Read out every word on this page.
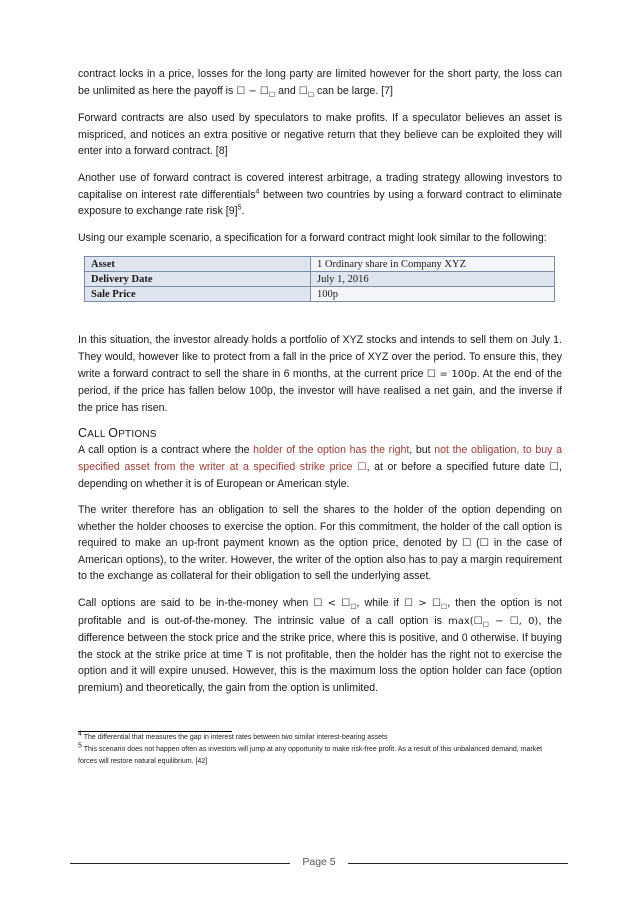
contract locks in a price, losses for the long party are limited however for the short party, the loss can be unlimited as here the payoff is ☐ − $☐_☐$ and $☐_☐$ can be large. [7]

Forward contracts are also used by speculators to make profits. If a speculator believes an asset is mispriced, and notices an extra positive or negative return that they believe can be exploited they will enter into a forward contract. [8]

Another use of forward contract is covered interest arbitrage, a trading strategy allowing investors to capitalise on interest rate differentials$^4$ between two countries by using a forward contract to eliminate exposure to exchange rate risk $[9]^5$.

Using our example scenario, a specification for a forward contract might look similar to the following:

Asset	1 Ordinary share in Company XYZ
Delivery Date	July 1, 2016
Sale Price	100p

In this situation, the investor already holds a portfolio of XYZ stocks and intends to sell them on July 1. They would, however like to protect from a fall in the price of XYZ over the period. To ensure this, they write a forward contract to sell the share in 6 months, at the current price ☐ = 100p. At the end of the period, if the price has fallen below 100p, the investor will have realised a net gain, and the inverse if the price has risen.

CALL OPTIONS

A call option is a contract where the holder of the option has the right, but not the obligation, to buy a specified asset from the writer at a specified strike price ☐, at or before a specified future date ☐, depending on whether it is of European or American style.

The writer therefore has an obligation to sell the shares to the holder of the option depending on whether the holder chooses to exercise the option. For this commitment, the holder of the call option is required to make an up-front payment known as the option price, denoted by ☐ (☐ in the case of American options), to the writer. However, the writer of the option also has to pay a margin requirement to the exchange as collateral for their obligation to sell the underlying asset.

Call options are said to be in-the-money when ☐ < $☐_☐$, while if ☐ > $☐_☐$, then the option is not profitable and is out-of-the-money. The intrinsic value of a call option is $\max(☐_☐$ − ☐, 0), the difference between the stock price and the strike price, where this is positive, and 0 otherwise. If buying the stock at the strike price at time T is not profitable, then the holder has the right not to exercise the option and it will expire unused. However, this is the maximum loss the option holder can face (option premium) and theoretically, the gain from the option is unlimited.

4 The differential that measures the gap in interest rates between two similar interest-bearing assets

5 This scenario does not happen often as investors will jump at any opportunity to make risk-free profit. As a result of this unbalanced demand, market forces will restore natural equilibrium. [42]

Page 5
